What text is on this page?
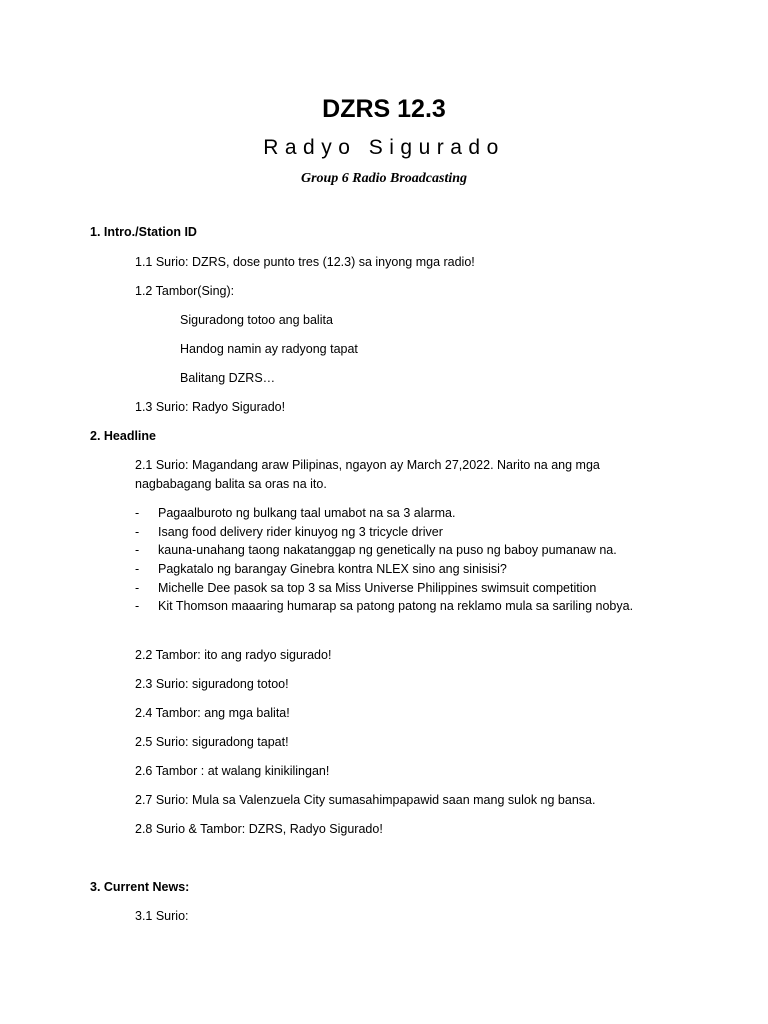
DZRS 12.3
Radyo Sigurado
Group 6 Radio Broadcasting
1. Intro./Station ID
1.1 Surio: DZRS, dose punto tres (12.3) sa inyong mga radio!
1.2 Tambor(Sing):
Siguradong totoo ang balita
Handog namin ay radyong tapat
Balitang DZRS…
1.3 Surio: Radyo Sigurado!
2. Headline
2.1 Surio: Magandang araw Pilipinas, ngayon ay March 27,2022. Narito na ang mga
nagbabagang balita sa oras na ito.
- Pagaalburoto ng bulkang taal umabot na sa 3 alarma.
- Isang food delivery rider kinuyog ng 3 tricycle driver
- kauna-unahang taong nakatanggap ng genetically na puso ng baboy pumanaw na.
- Pagkatalo ng barangay Ginebra kontra NLEX sino ang sinisisi?
- Michelle Dee pasok sa top 3 sa Miss Universe Philippines swimsuit competition
- Kit Thomson maaaring humarap sa patong patong na reklamo mula sa sariling nobya.
2.2 Tambor: ito ang radyo sigurado!
2.3 Surio: siguradong totoo!
2.4 Tambor: ang mga balita!
2.5 Surio: siguradong tapat!
2.6 Tambor : at walang kinikilingan!
2.7 Surio: Mula sa Valenzuela City sumasahimpapawid saan mang sulok ng bansa.
2.8 Surio & Tambor: DZRS, Radyo Sigurado!
3. Current News:
3.1 Surio:
